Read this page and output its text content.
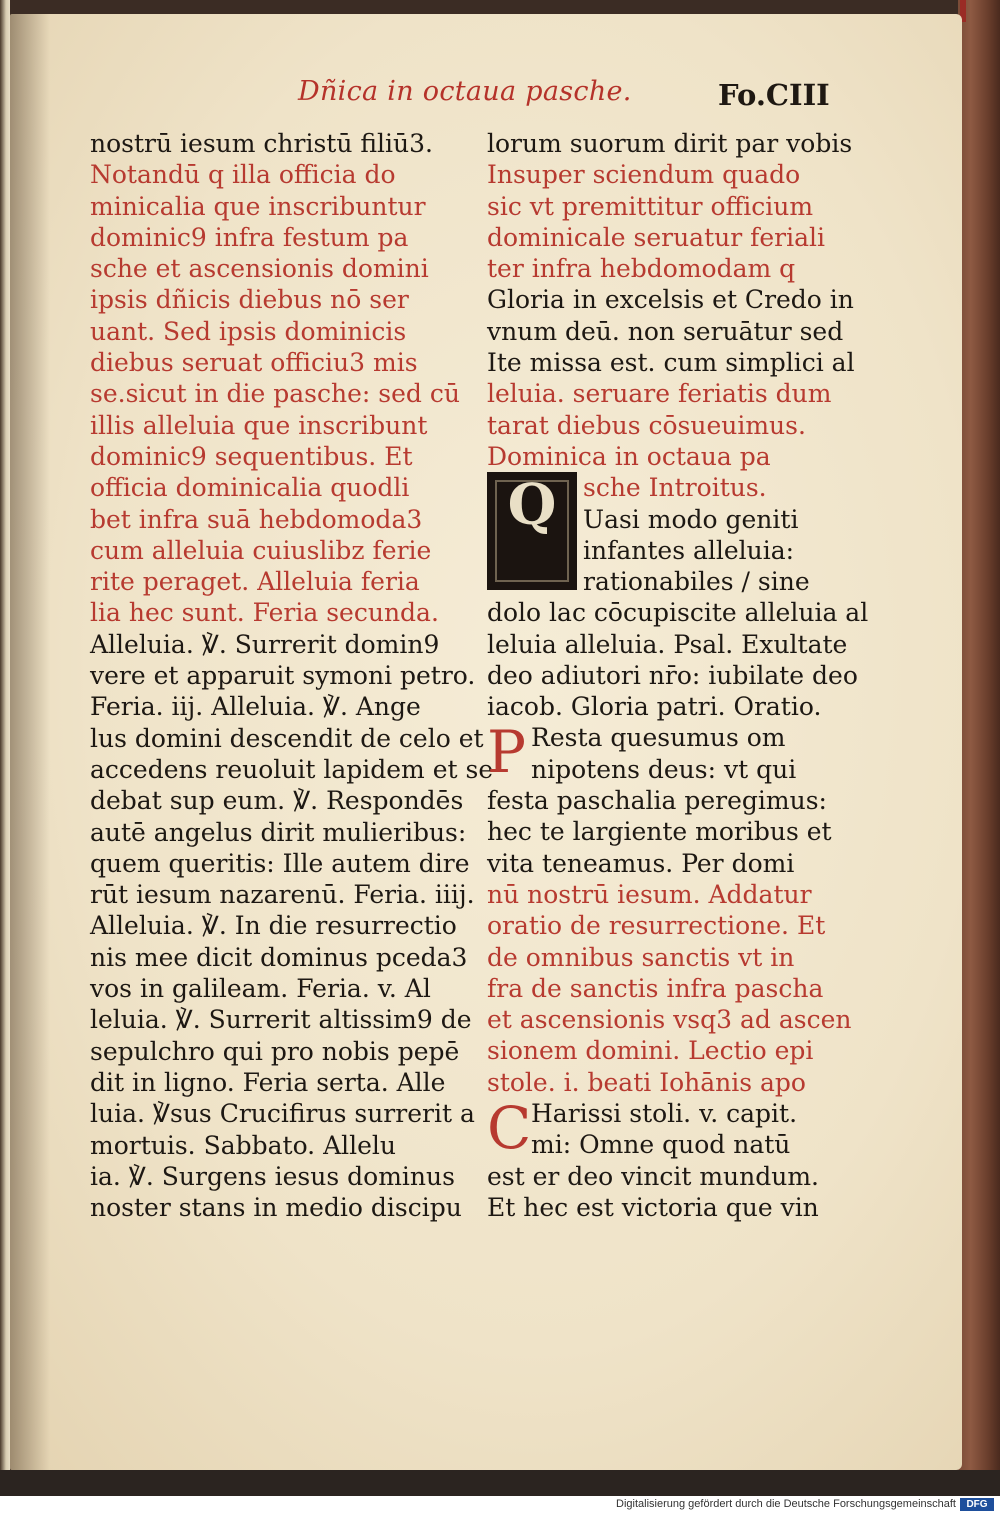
Dñica in octaua pasche.	Fo.CIII
nostrū iesum christū filiū3.
Notandū q illa officia do
minicalia que inscribuntur
dominic9 infra festum pa
sche et ascensionis domini
ipsis dñicis diebus nō ser
uant. Sed ipsis dominicis
diebus seruat officiu3 mis
se.sicut in die pasche: sed cū
illis alleluia que inscribunt
dominic9 sequentibus. Et
officia dominicalia quodli
bet infra suā hebdomoda3
cum alleluia cuiuslibz ferie
rite peraget. Alleluia feria
lia hec sunt. Feria secunda.
Alleluia. ℣. Surrerit domin9
vere et apparuit symoni petro.
Feria. iij. Alleluia. ℣. Ange
lus domini descendit de celo et
accedens reuoluit lapidem et se
debat sup eum. ℣. Respondēs
autē angelus dirit mulieribus:
quem queritis: Ille autem dire
rūt iesum nazarenū. Feria. iiij.
Alleluia. ℣. In die resurrectio
nis mee dicit dominus pceda3
vos in galileam. Feria. v. Al
leluia. ℣. Surrerit altissim9 de
sepulchro qui pro nobis pepē
dit in ligno. Feria serta. Alle
luia. ℣sus Crucifirus surrerit a
mortuis. Sabbato. Allelu
ia. ℣. Surgens iesus dominus
noster stans in medio discipu
lorum suorum dirit par vobis
Insuper sciendum quado
sic vt premittitur officium
dominicale seruatur feriali
ter infra hebdomodam q
Gloria in excelsis et Credo in
vnum deū. non seruātur sed
Ite missa est. cum simplici al
leluia. seruare feriatis dum
tarat diebus cōsueuimus.
Dominica in octaua pa
Q	sche Introitus.
Uasi modo geniti
infantes alleluia:
rationabiles / sine
dolo lac cōcupiscite alleluia al
leluia alleluia. Psal. Exultate
deo adiutori nr̄o: iubilate deo
iacob. Gloria patri. Oratio.
P Resta quesumus om
nipotens deus: vt qui
festa paschalia peregimus:
hec te largiente moribus et
vita teneamus. Per domi
nū nostrū iesum. Addatur
oratio de resurrectione. Et
de omnibus sanctis vt in
fra de sanctis infra pascha
et ascensionis vsq3 ad ascen
sionem domini. Lectio epi
stole. i. beati Iohānis apo
C Harissi stoli. v. capit.
mi: Omne quod natū
est er deo vincit mundum.
Et hec est victoria que vin
Digitalisierung gefördert durch die Deutsche Forschungsgemeinschaft	DFG
